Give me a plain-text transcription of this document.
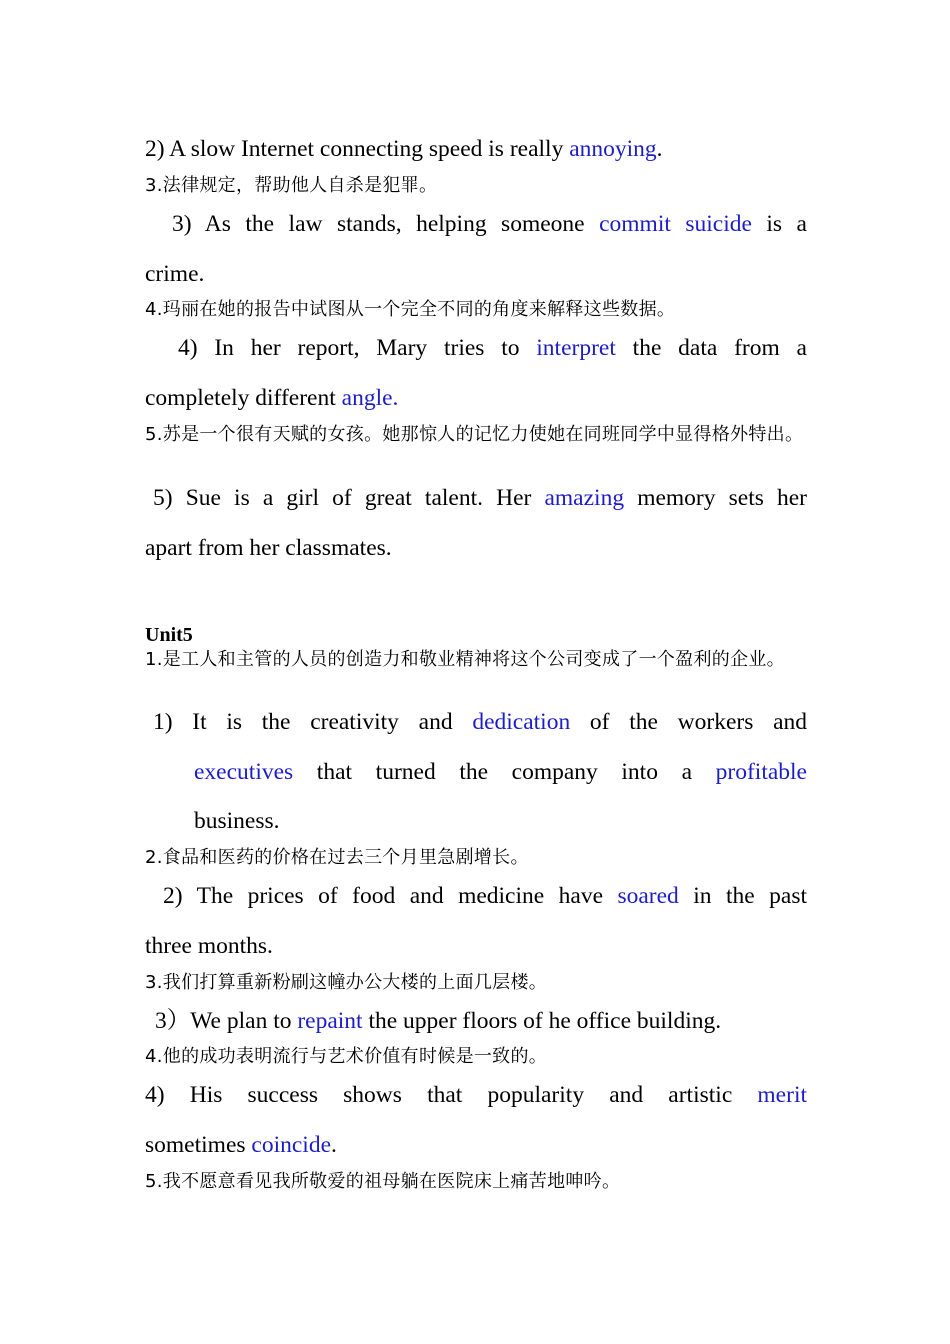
2) A slow Internet connecting speed is really annoying.
3.法律规定，帮助他人自杀是犯罪。
3) As the law stands, helping someone commit suicide is a
crime.
4.玛丽在她的报告中试图从一个完全不同的角度来解释这些数据。
4) In her report, Mary tries to interpret the data from a
completely different angle.
5.苏是一个很有天赋的女孩。她那惊人的记忆力使她在同班同学中显得格外特出。
5) Sue is a girl of great talent. Her amazing memory sets her
apart from her classmates.
Unit5
1.是工人和主管的人员的创造力和敬业精神将这个公司变成了一个盈利的企业。
1) It is the creativity and dedication of the workers and
executives that turned the company into a profitable
business.
2.食品和医药的价格在过去三个月里急剧增长。
2) The prices of food and medicine have soared in the past
three months.
3.我们打算重新粉刷这幢办公大楼的上面几层楼。
3）We plan to repaint the upper floors of he office building.
4.他的成功表明流行与艺术价值有时候是一致的。
4) His success shows that popularity and artistic merit
sometimes coincide.
5.我不愿意看见我所敬爱的祖母躺在医院床上痛苦地呻吟。
